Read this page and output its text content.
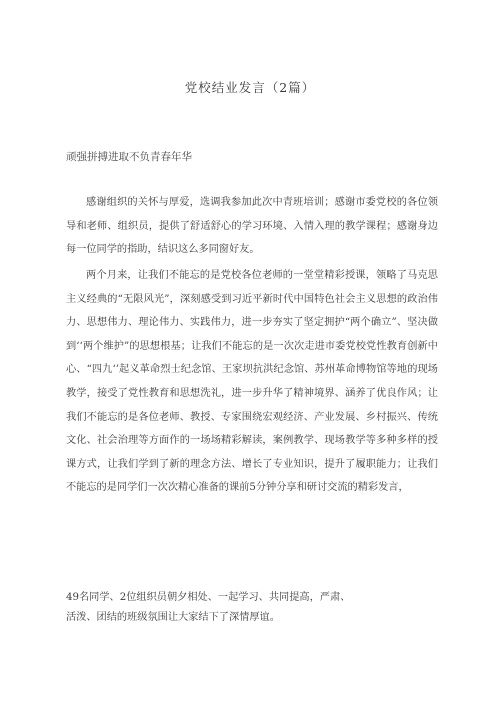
党校结业发言（2篇）
顽强拼搏进取不负青春年华

感谢组织的关怀与厚爱，选调我参加此次中青班培训；感谢市委党校的各位领导和老师、组织员，提供了舒适舒心的学习环境、入情入理的教学课程；感谢身边每一位同学的指助，结识这么多同窗好友。

两个月来，让我们不能忘的是党校各位老师的一堂堂精彩授课，领略了马克思主义经典的“无限风光”，深刻感受到习近平新时代中国特色社会主义思想的政治伟力、思想伟力、理论伟力、实践伟力，进一步夯实了坚定拥护“两个确立”、坚决做到‘‘两个维护”的思想根基；让我们不能忘的是一次次走进市委党校党性教育创新中心、“四九‘’起义革命烈士纪念馆、王家坝抗洪纪念馆、苏州革命博物馆等地的现场教学，接受了党性教育和思想洗礼，进一步升华了精神境界、涵养了优良作风；让我们不能忘的是各位老师、教授、专家围绕宏观经济、产业发展、乡村振兴、传统文化、社会治理等方面作的一场场精彩解读，案例教学、现场教学等多种多样的授课方式，让我们学到了新的理念方法、增长了专业知识，提升了履职能力；让我们不能忘的是同学们一次次精心准备的课前5分钟分享和研讨交流的精彩发言，

49名同学、2位组织员朝夕相处、一起学习、共同提高，严肃、
活泼、团结的班级氛围让大家结下了深情厚谊。
